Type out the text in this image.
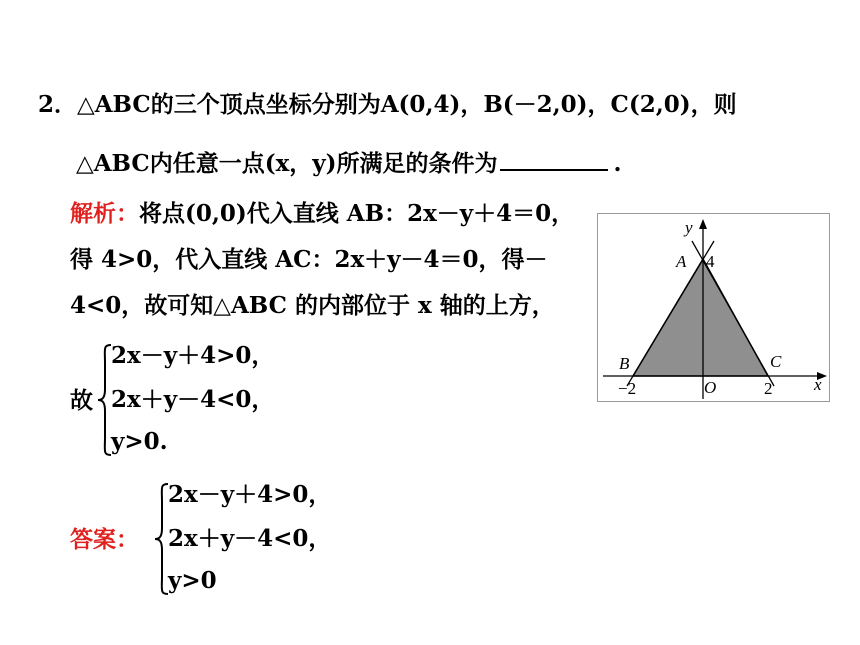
2．△ABC的三个顶点坐标分别为A(0,4)，B(－2,0)，C(2,0)，则
△ABC内任意一点(x，y)所满足的条件为	.
解析：将点(0,0)代入直线 AB：2x－y＋4＝0，
得 4>0，代入直线 AC：2x＋y－4＝0，得－
4<0，故可知△ABC 的内部位于 x 轴的上方，
故
2x－y＋4>0，
2x＋y－4<0，
y>0.
答案：
2x－y＋4>0，
2x＋y－4<0，
y>0
y
x
O
A 4
B
−2
C
2
